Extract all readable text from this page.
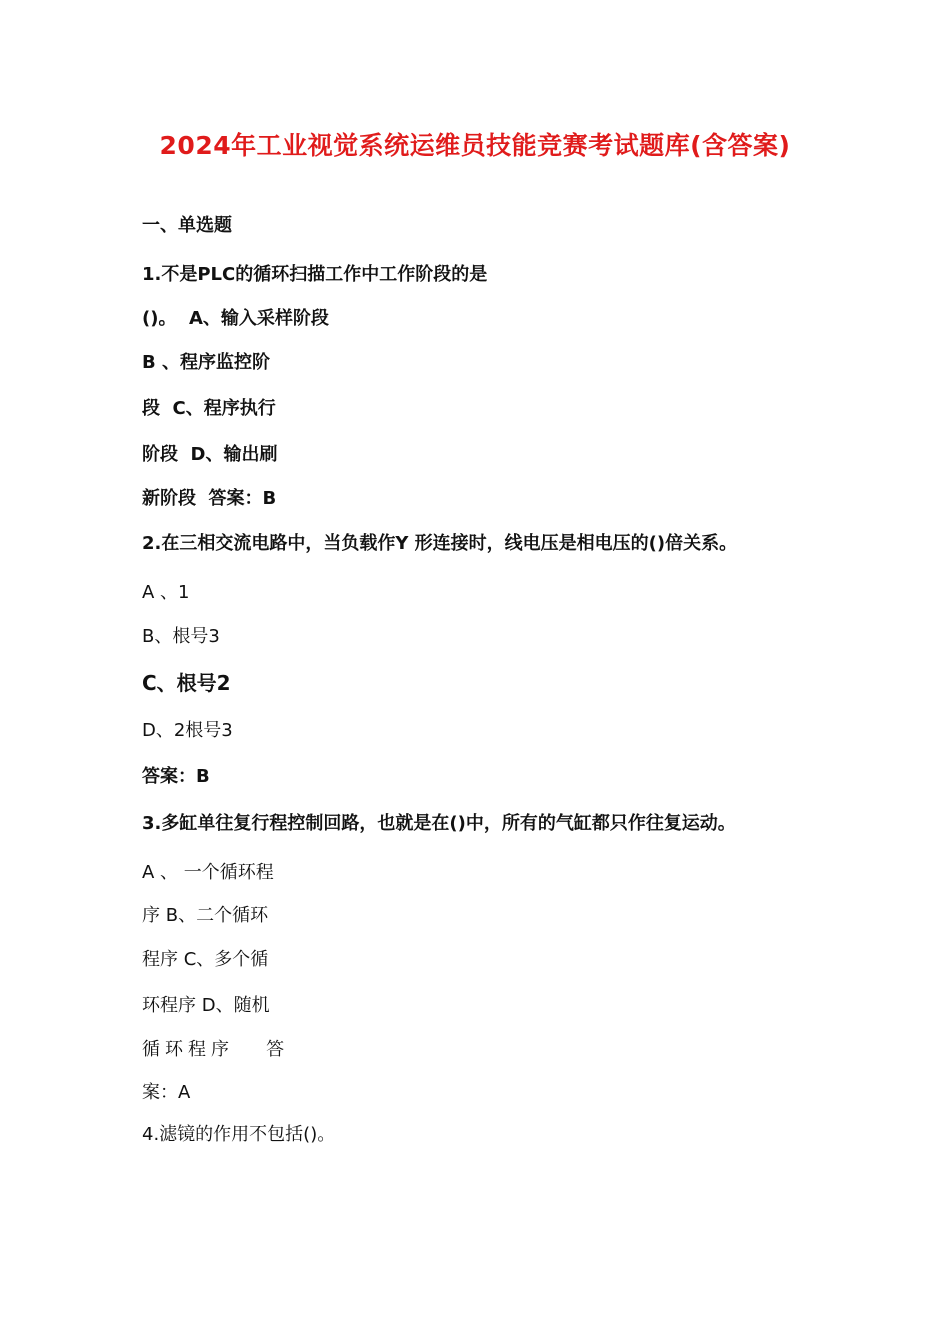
2024年工业视觉系统运维员技能竞赛考试题库(含答案)
一、单选题
1.不是PLC的循环扫描工作中工作阶段的是
()。  A、输入采样阶段
B 、程序监控阶
段  C、程序执行
阶段  D、输出刷
新阶段  答案：B
2.在三相交流电路中，当负载作Y 形连接时，线电压是相电压的()倍关系。
A 、1
B、根号3
C、根号2
D、2根号3
答案：B
3.多缸单往复行程控制回路，也就是在()中，所有的气缸都只作往复运动。
A 、 一个循环程
序 B、二个循环
程序 C、多个循
环程序 D、随机
循环程序   答
案：A
4.滤镜的作用不包括()。
